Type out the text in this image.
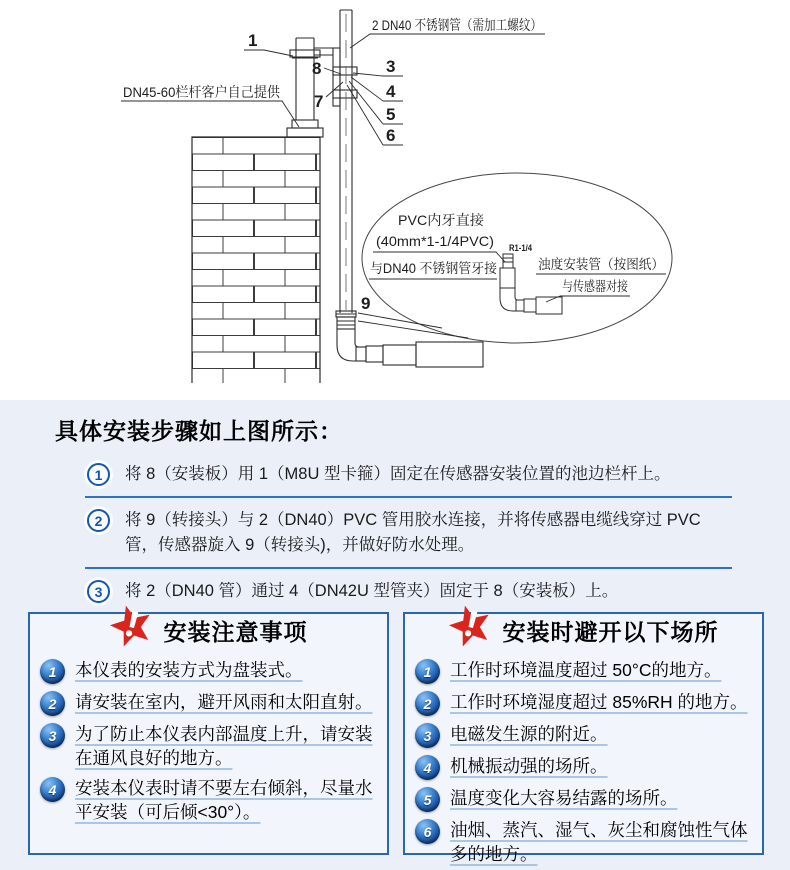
1
2 DN40 不锈钢管（需加工螺纹）
8
7
3
4
5
6
DN45-60栏杆客户自己提供
9
PVC内牙直接
(40mm*1-1/4PVC)
与DN40 不锈钢管牙接
R1-1/4
浊度安装管（按图纸）
与传感器对接
具体安装步骤如上图所示：
1	将 8（安装板）用 1（M8U 型卡箍）固定在传感器安装位置的池边栏杆上。
2	将 9（转接头）与 2（DN40）PVC 管用胶水连接，并将传感器电缆线穿过 PVC 管，传感器旋入 9（转接头)，并做好防水处理。
3	将 2（DN40 管）通过 4（DN42U 型管夹）固定于 8（安装板）上。
安装注意事项
1	本仪表的安装方式为盘装式。
2	请安装在室内，避开风雨和太阳直射。
3	为了防止本仪表内部温度上升，请安装在通风良好的地方。
4	安装本仪表时请不要左右倾斜，尽量水平安装（可后倾<30°）。
安装时避开以下场所
1	工作时环境温度超过 50°C的地方。
2	工作时环境湿度超过 85%RH 的地方。
3	电磁发生源的附近。
4	机械振动强的场所。
5	温度变化大容易结露的场所。
6	油烟、蒸汽、湿气、灰尘和腐蚀性气体多的地方。
